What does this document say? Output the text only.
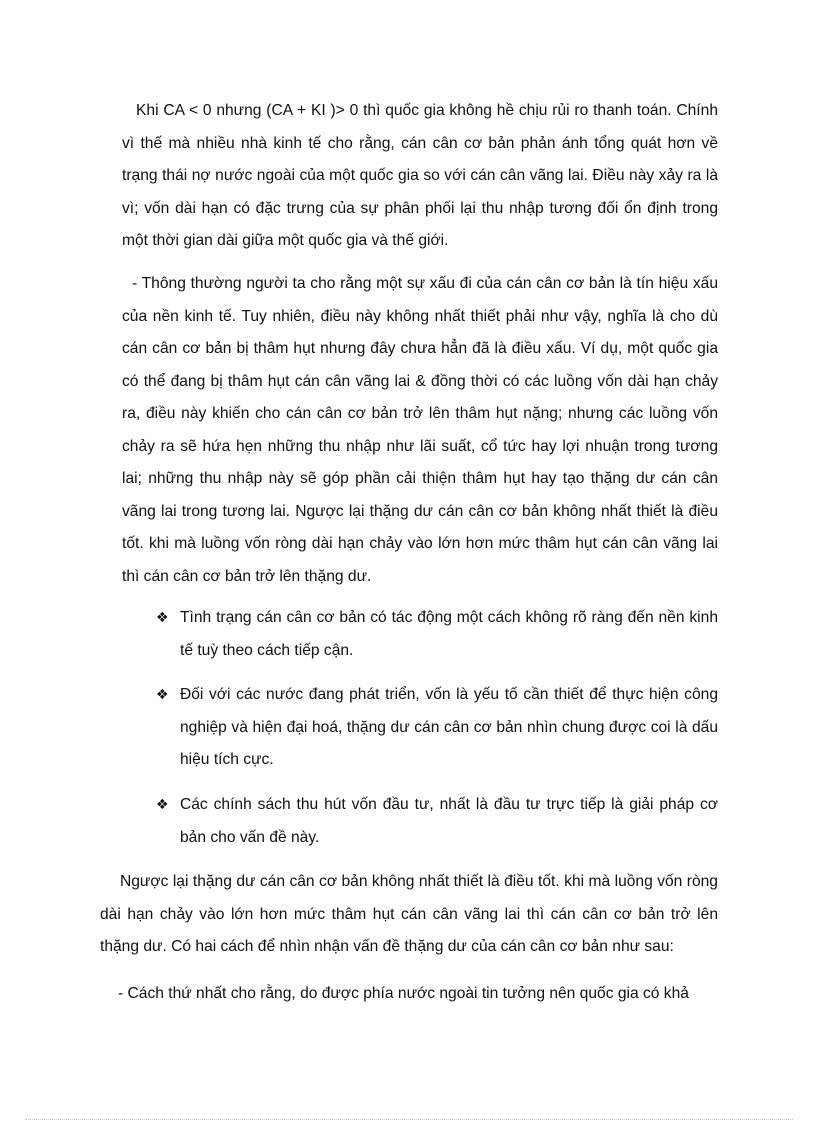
Khi CA < 0 nhưng (CA + KI )> 0 thì quốc gia không hề chịu rủi ro thanh toán. Chính vì thế mà nhiều nhà kinh tế cho rằng, cán cân cơ bản phản ánh tổng quát hơn về trạng thái nợ nước ngoài của một quốc gia so với cán cân vãng lai. Điều này xảy ra là vì; vốn dài hạn có đặc trưng của sự phân phối lại thu nhập tương đối ổn định trong một thời gian dài giữa một quốc gia và thế giới.

- Thông thường người ta cho rằng một sự xấu đi của cán cân cơ bản là tín hiệu xấu của nền kinh tế. Tuy nhiên, điều này không nhất thiết phải như vậy, nghĩa là cho dù cán cân cơ bản bị thâm hụt nhưng đây chưa hẳn đã là điều xấu. Ví dụ, một quốc gia có thể đang bị thâm hụt cán cân vãng lai & đồng thời có các luồng vốn dài hạn chảy ra, điều này khiến cho cán cân cơ bản trở lên thâm hụt nặng; nhưng các luồng vốn chảy ra sẽ hứa hẹn những thu nhập như lãi suất, cổ tức hay lợi nhuận trong tương lai; những thu nhập này sẽ góp phần cải thiện thâm hụt hay tạo thặng dư cán cân vãng lai trong tương lai. Ngược lại thặng dư cán cân cơ bản không nhất thiết là điều tốt. khi mà luồng vốn ròng dài hạn chảy vào lớn hơn mức thâm hụt cán cân vãng lai thì cán cân cơ bản trở lên thặng dư.

❖ Tình trạng cán cân cơ bản có tác động một cách không rõ ràng đến nền kinh tế tuỳ theo cách tiếp cận.

❖ Đối với các nước đang phát triển, vốn là yếu tố cần thiết để thực hiện công nghiệp và hiện đại hoá, thặng dư cán cân cơ bản nhìn chung được coi là dấu hiệu tích cực.

❖ Các chính sách thu hút vốn đầu tư, nhất là đầu tư trực tiếp là giải pháp cơ bản cho vấn đề này.

Ngược lại thặng dư cán cân cơ bản không nhất thiết là điều tốt. khi mà luồng vốn ròng dài hạn chảy vào lớn hơn mức thâm hụt cán cân vãng lai thì cán cân cơ bản trở lên thặng dư. Có hai cách để nhìn nhận vấn đề thặng dư của cán cân cơ bản như sau:

- Cách thứ nhất cho rằng, do được phía nước ngoài tin tưởng nên quốc gia có khả
